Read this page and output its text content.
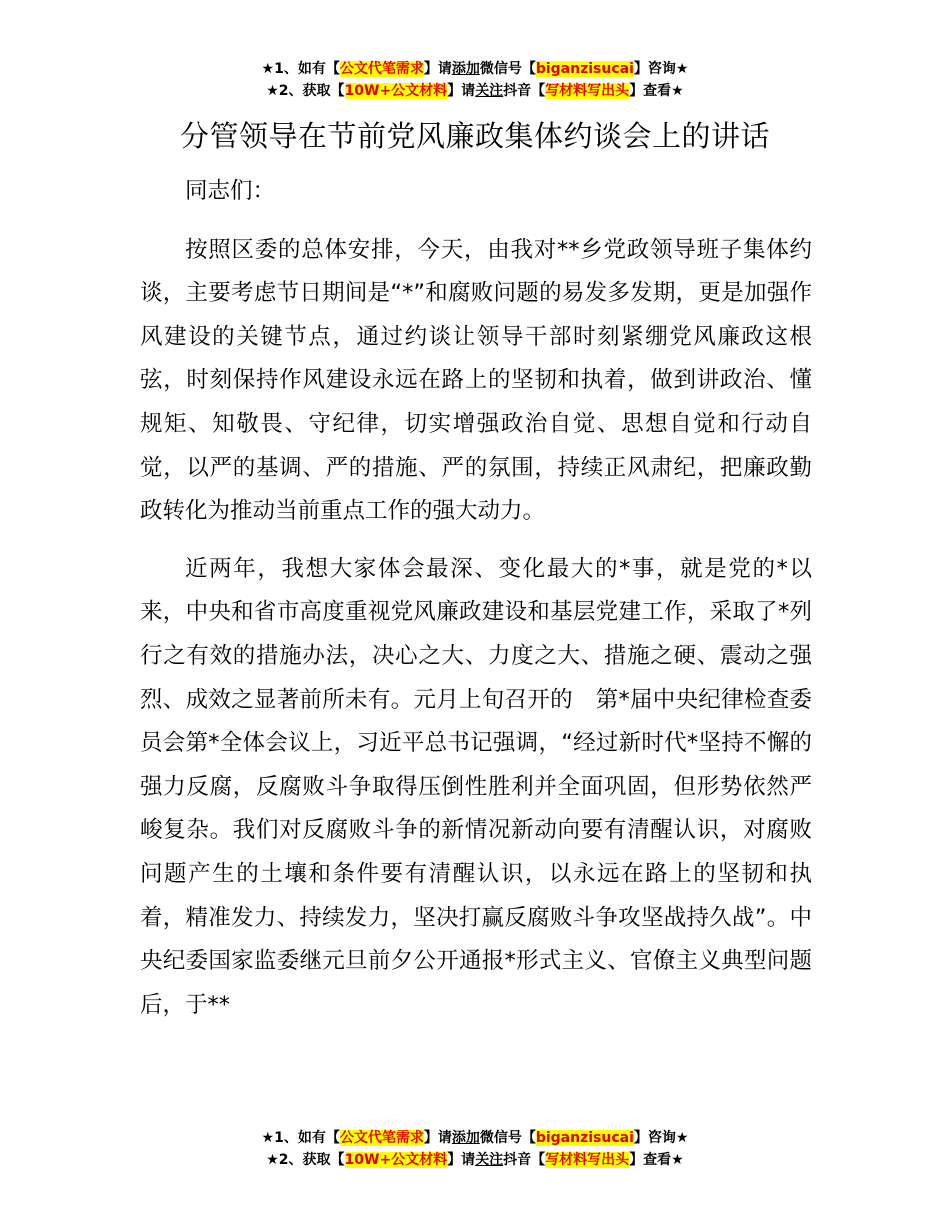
★1、如有【公文代笔需求】请添加微信号【biganzisucai】咨询★
★2、获取【10W+公文材料】请关注抖音【写材料写出头】查看★
分管领导在节前党风廉政集体约谈会上的讲话

同志们：

按照区委的总体安排，今天，由我对**乡党政领导班子集体约谈，主要考虑节日期间是“*”和腐败问题的易发多发期，更是加强作风建设的关键节点，通过约谈让领导干部时刻紧绷党风廉政这根弦，时刻保持作风建设永远在路上的坚韧和执着，做到讲政治、懂规矩、知敬畏、守纪律，切实增强政治自觉、思想自觉和行动自觉，以严的基调、严的措施、严的氛围，持续正风肃纪，把廉政勤政转化为推动当前重点工作的强大动力。

近两年，我想大家体会最深、变化最大的*事，就是党的*以来，中央和省市高度重视党风廉政建设和基层党建工作，采取了*列行之有效的措施办法，决心之大、力度之大、措施之硬、震动之强烈、成效之显著前所未有。元月上旬召开的　第*届中央纪律检查委员会第*全体会议上，习近平总书记强调，“经过新时代*坚持不懈的强力反腐，反腐败斗争取得压倒性胜利并全面巩固，但形势依然严峻复杂。我们对反腐败斗争的新情况新动向要有清醒认识，对腐败问题产生的土壤和条件要有清醒认识，以永远在路上的坚韧和执着，精准发力、持续发力，坚决打赢反腐败斗争攻坚战持久战”。中央纪委国家监委继元旦前夕公开通报*形式主义、官僚主义典型问题后，于**

★1、如有【公文代笔需求】请添加微信号【biganzisucai】咨询★
★2、获取【10W+公文材料】请关注抖音【写材料写出头】查看★
